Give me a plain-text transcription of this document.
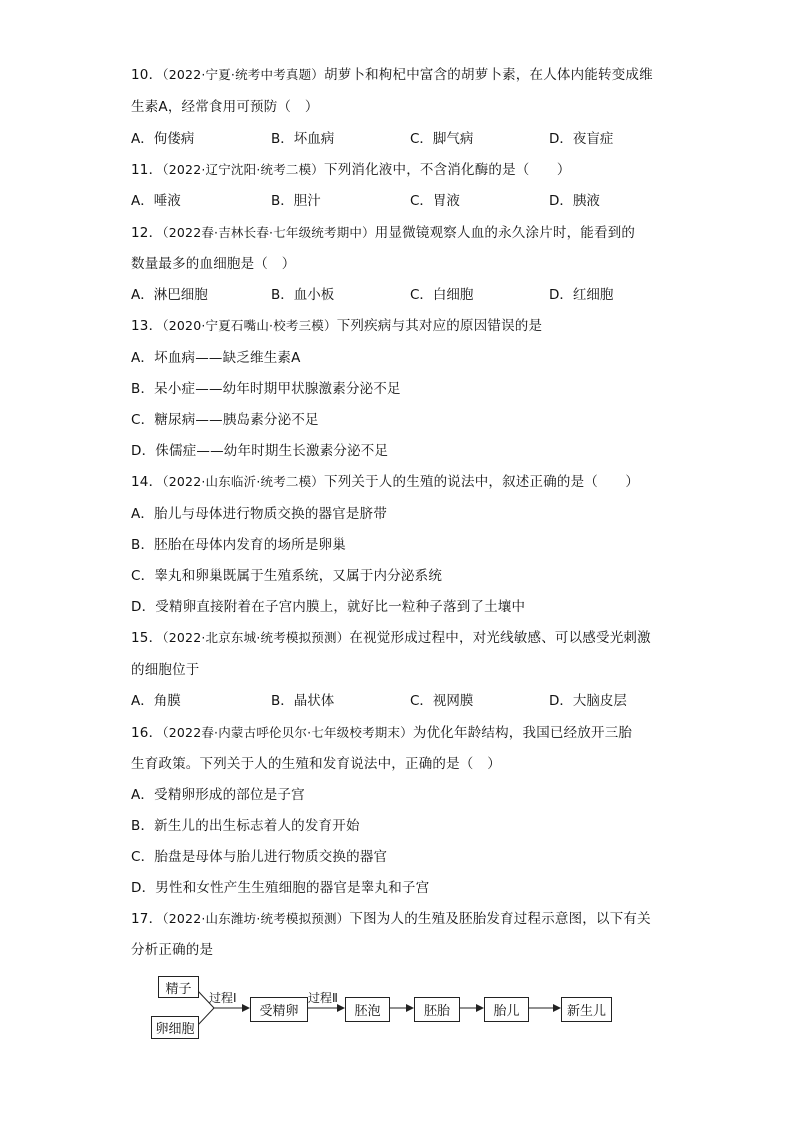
10．（2022·宁夏·统考中考真题）胡萝卜和枸杞中富含的胡萝卜素，在人体内能转变成维
生素A，经常食用可预防（　）
A．佝偻病	B．坏血病	C．脚气病	D．夜盲症
11．（2022·辽宁沈阳·统考二模）下列消化液中，不含消化酶的是（　　）
A．唾液	B．胆汁	C．胃液	D．胰液
12．（2022春·吉林长春·七年级统考期中）用显微镜观察人血的永久涂片时，能看到的
数量最多的血细胞是（　）
A．淋巴细胞	B．血小板	C．白细胞	D．红细胞
13．（2020·宁夏石嘴山·校考三模）下列疾病与其对应的原因错误的是
A．坏血病——缺乏维生素A
B．呆小症——幼年时期甲状腺激素分泌不足
C．糖尿病——胰岛素分泌不足
D．侏儒症——幼年时期生长激素分泌不足
14．（2022·山东临沂·统考二模）下列关于人的生殖的说法中，叙述正确的是（　　）
A．胎儿与母体进行物质交换的器官是脐带
B．胚胎在母体内发育的场所是卵巢
C．睾丸和卵巢既属于生殖系统，又属于内分泌系统
D．受精卵直接附着在子宫内膜上，就好比一粒种子落到了土壤中
15．（2022·北京东城·统考模拟预测）在视觉形成过程中，对光线敏感、可以感受光刺激
的细胞位于
A．角膜	B．晶状体	C．视网膜	D．大脑皮层
16．（2022春·内蒙古呼伦贝尔·七年级校考期末）为优化年龄结构，我国已经放开三胎
生育政策。下列关于人的生殖和发育说法中，正确的是（　）
A．受精卵形成的部位是子宫
B．新生儿的出生标志着人的发育开始
C．胎盘是母体与胎儿进行物质交换的器官
D．男性和女性产生生殖细胞的器官是睾丸和子宫
17．（2022·山东潍坊·统考模拟预测）下图为人的生殖及胚胎发育过程示意图，以下有关
分析正确的是
精子
卵细胞
过程Ⅰ
受精卵
过程Ⅱ
胚泡	胚胎	胎儿	新生儿
